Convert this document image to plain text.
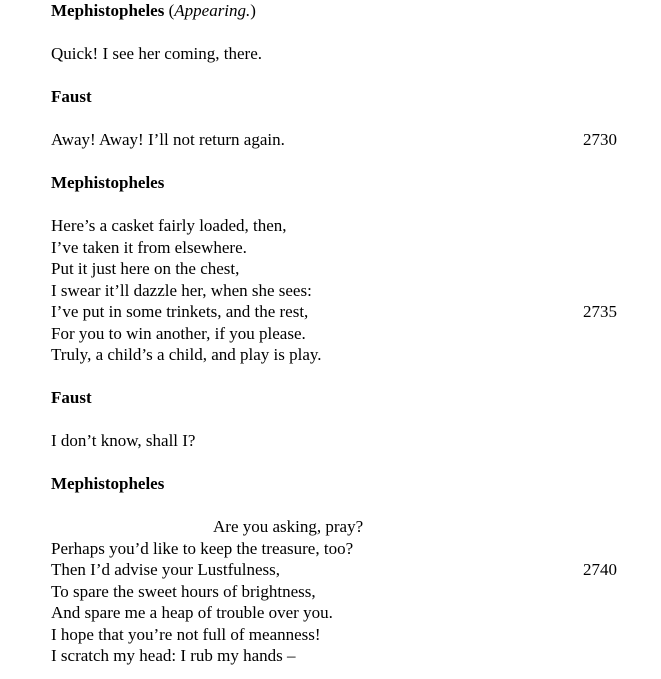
Mephistopheles (Appearing.)
Quick! I see her coming, there.
Faust
Away! Away! I’ll not return again.	2730
Mephistopheles
Here’s a casket fairly loaded, then,
I’ve taken it from elsewhere.
Put it just here on the chest,
I swear it’ll dazzle her, when she sees:
I’ve put in some trinkets, and the rest,	2735
For you to win another, if you please.
Truly, a child’s a child, and play is play.
Faust
I don’t know, shall I?
Mephistopheles
Are you asking, pray?
Perhaps you’d like to keep the treasure, too?
Then I’d advise your Lustfulness,	2740
To spare the sweet hours of brightness,
And spare me a heap of trouble over you.
I hope that you’re not full of meanness!
I scratch my head: I rub my hands –
